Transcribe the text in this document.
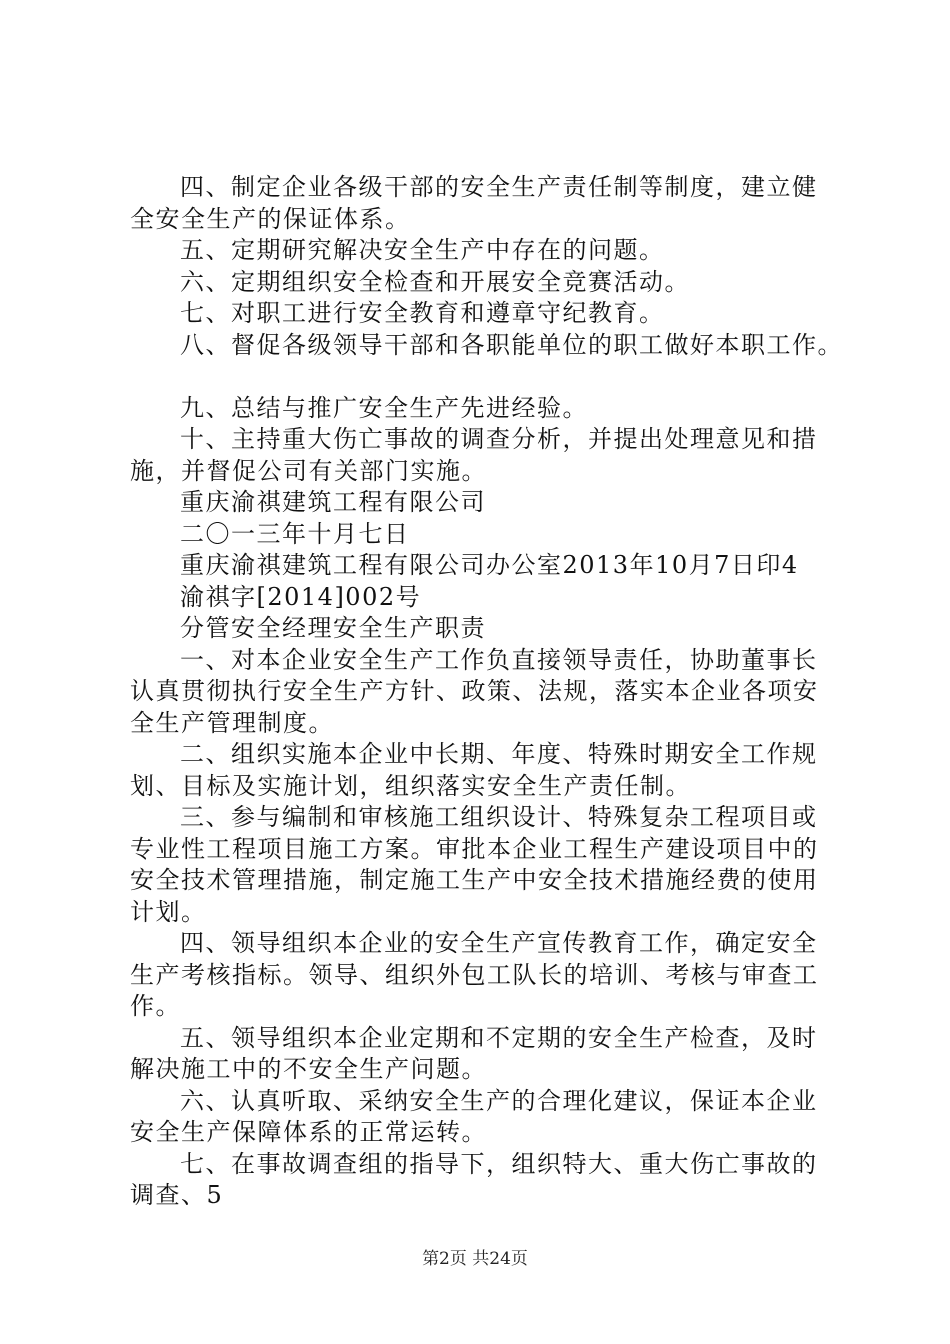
四、制定企业各级干部的安全生产责任制等制度，建立健
全安全生产的保证体系。
五、定期研究解决安全生产中存在的问题。
六、定期组织安全检查和开展安全竞赛活动。
七、对职工进行安全教育和遵章守纪教育。
八、督促各级领导干部和各职能单位的职工做好本职工作。
九、总结与推广安全生产先进经验。
十、主持重大伤亡事故的调查分析，并提出处理意见和措
施，并督促公司有关部门实施。
重庆渝祺建筑工程有限公司
二〇一三年十月七日
重庆渝祺建筑工程有限公司办公室2013年10月7日印4
渝祺字[2014]002号
分管安全经理安全生产职责
一、对本企业安全生产工作负直接领导责任，协助董事长
认真贯彻执行安全生产方针、政策、法规，落实本企业各项安
全生产管理制度。
二、组织实施本企业中长期、年度、特殊时期安全工作规
划、目标及实施计划，组织落实安全生产责任制。
三、参与编制和审核施工组织设计、特殊复杂工程项目或
专业性工程项目施工方案。审批本企业工程生产建设项目中的
安全技术管理措施，制定施工生产中安全技术措施经费的使用
计划。
四、领导组织本企业的安全生产宣传教育工作，确定安全
生产考核指标。领导、组织外包工队长的培训、考核与审查工
作。
五、领导组织本企业定期和不定期的安全生产检查，及时
解决施工中的不安全生产问题。
六、认真听取、采纳安全生产的合理化建议，保证本企业
安全生产保障体系的正常运转。
七、在事故调查组的指导下，组织特大、重大伤亡事故的
调查、5
第2页 共24页
